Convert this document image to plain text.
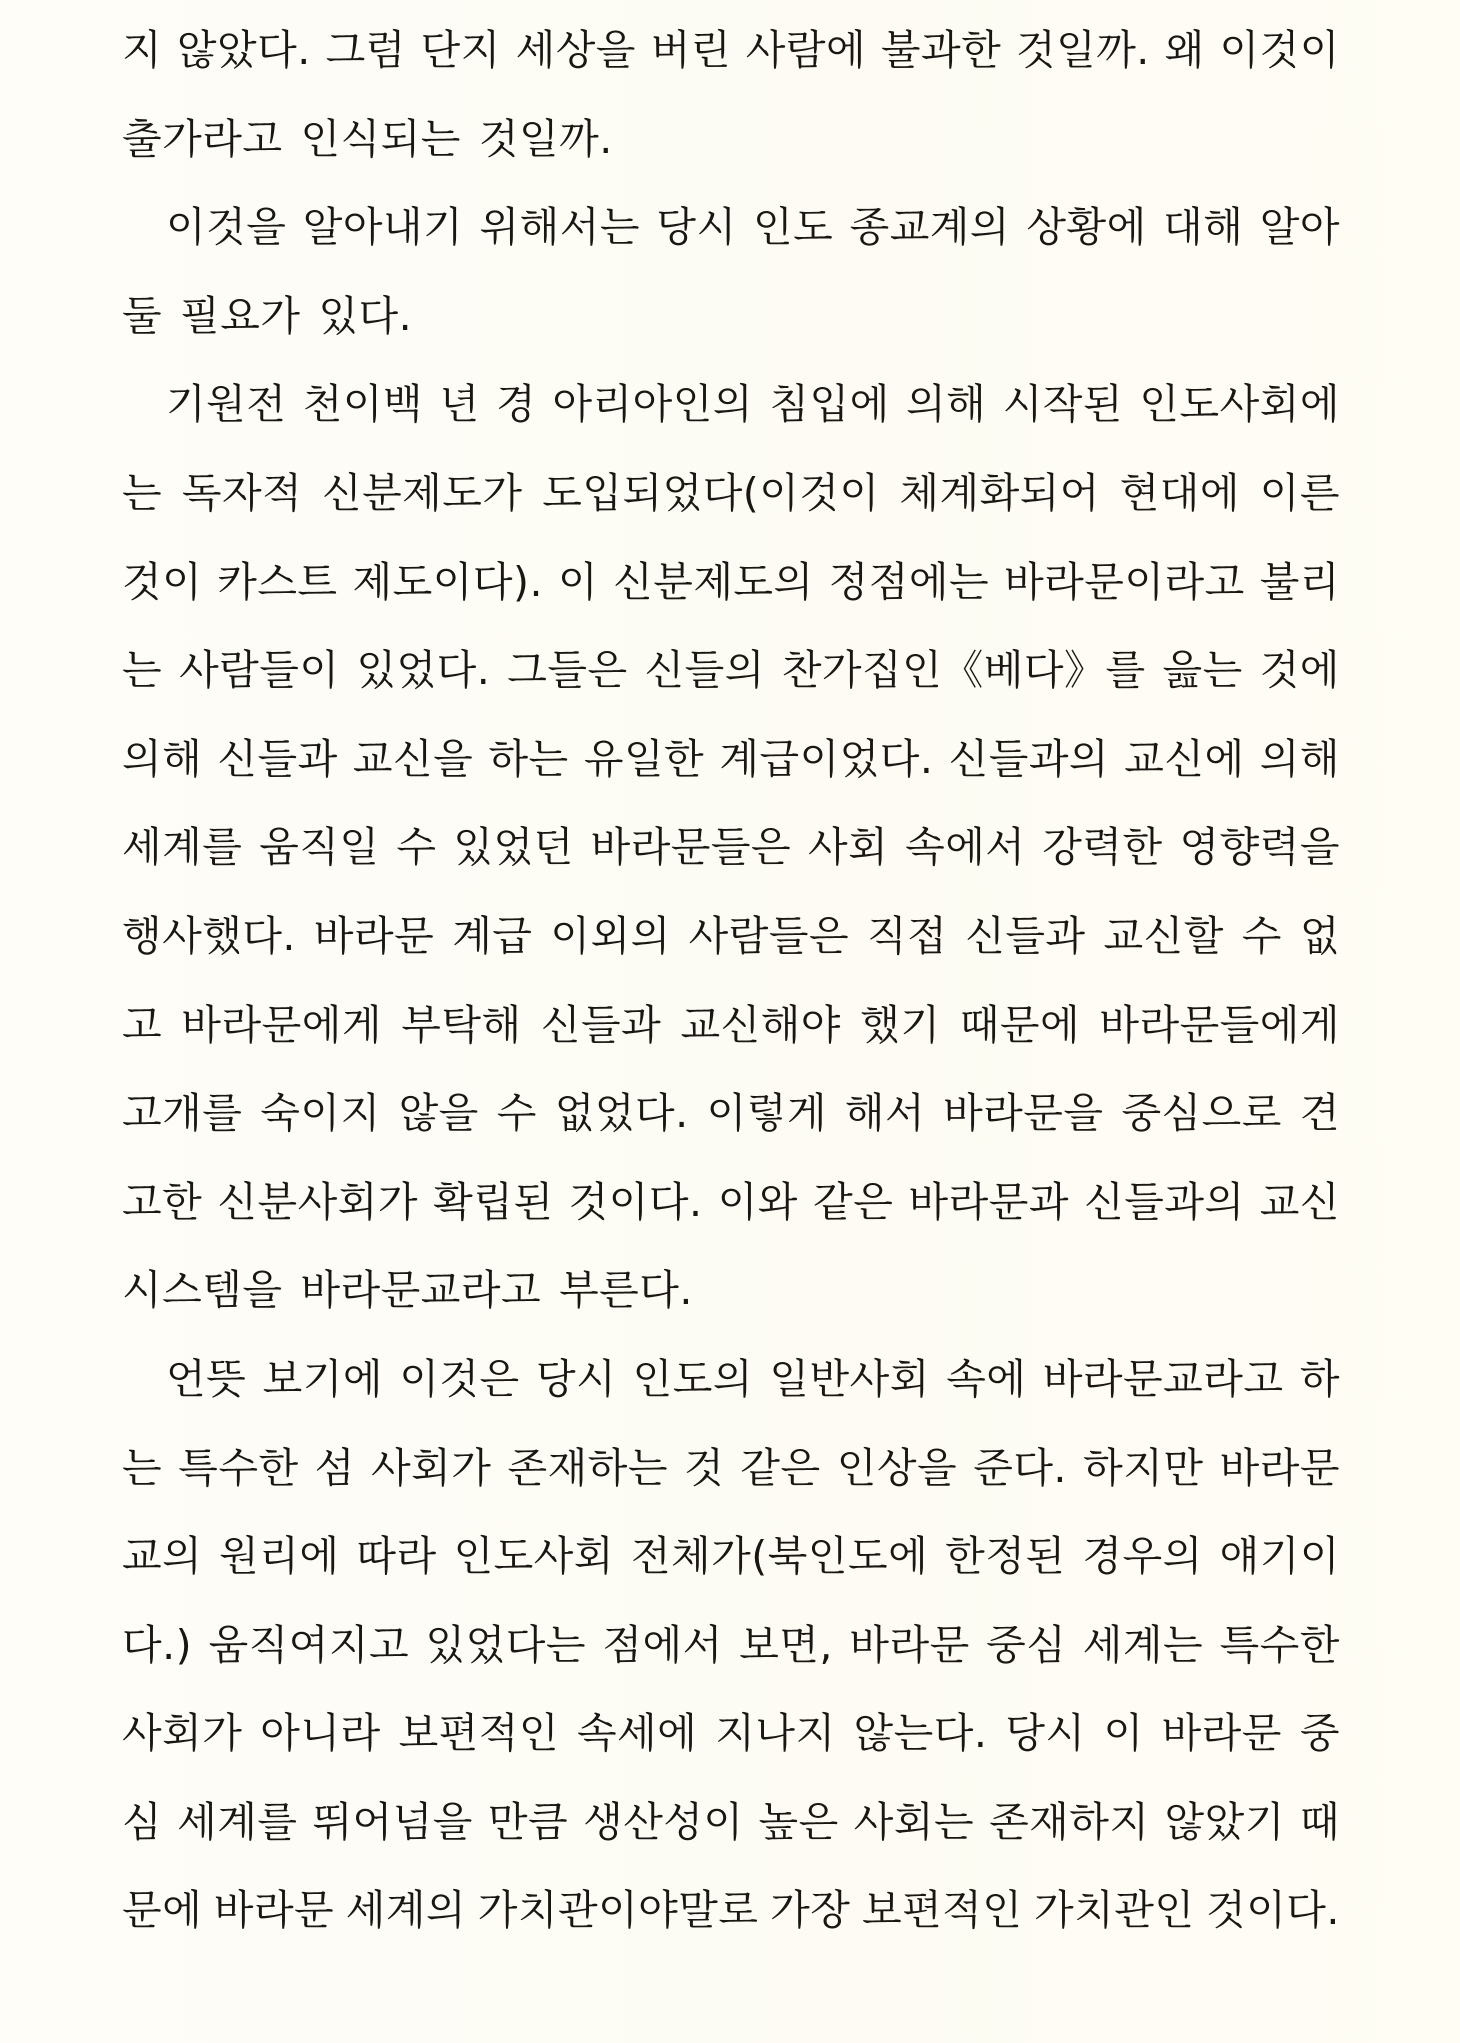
지 않았다. 그럼 단지 세상을 버린 사람에 불과한 것일까. 왜 이것이
출가라고 인식되는 것일까.
이것을 알아내기 위해서는 당시 인도 종교계의 상황에 대해 알아
둘 필요가 있다.
기원전 천이백 년 경 아리아인의 침입에 의해 시작된 인도사회에
는 독자적 신분제도가 도입되었다(이것이 체계화되어 현대에 이른
것이 카스트 제도이다). 이 신분제도의 정점에는 바라문이라고 불리
는 사람들이 있었다. 그들은 신들의 찬가집인《베다》를 읊는 것에
의해 신들과 교신을 하는 유일한 계급이었다. 신들과의 교신에 의해
세계를 움직일 수 있었던 바라문들은 사회 속에서 강력한 영향력을
행사했다. 바라문 계급 이외의 사람들은 직접 신들과 교신할 수 없
고 바라문에게 부탁해 신들과 교신해야 했기 때문에 바라문들에게
고개를 숙이지 않을 수 없었다. 이렇게 해서 바라문을 중심으로 견
고한 신분사회가 확립된 것이다. 이와 같은 바라문과 신들과의 교신
시스템을 바라문교라고 부른다.
언뜻 보기에 이것은 당시 인도의 일반사회 속에 바라문교라고 하
는 특수한 섬 사회가 존재하는 것 같은 인상을 준다. 하지만 바라문
교의 원리에 따라 인도사회 전체가(북인도에 한정된 경우의 얘기이
다.) 움직여지고 있었다는 점에서 보면, 바라문 중심 세계는 특수한
사회가 아니라 보편적인 속세에 지나지 않는다. 당시 이 바라문 중
심 세계를 뛰어넘을 만큼 생산성이 높은 사회는 존재하지 않았기 때
문에 바라문 세계의 가치관이야말로 가장 보편적인 가치관인 것이다.
